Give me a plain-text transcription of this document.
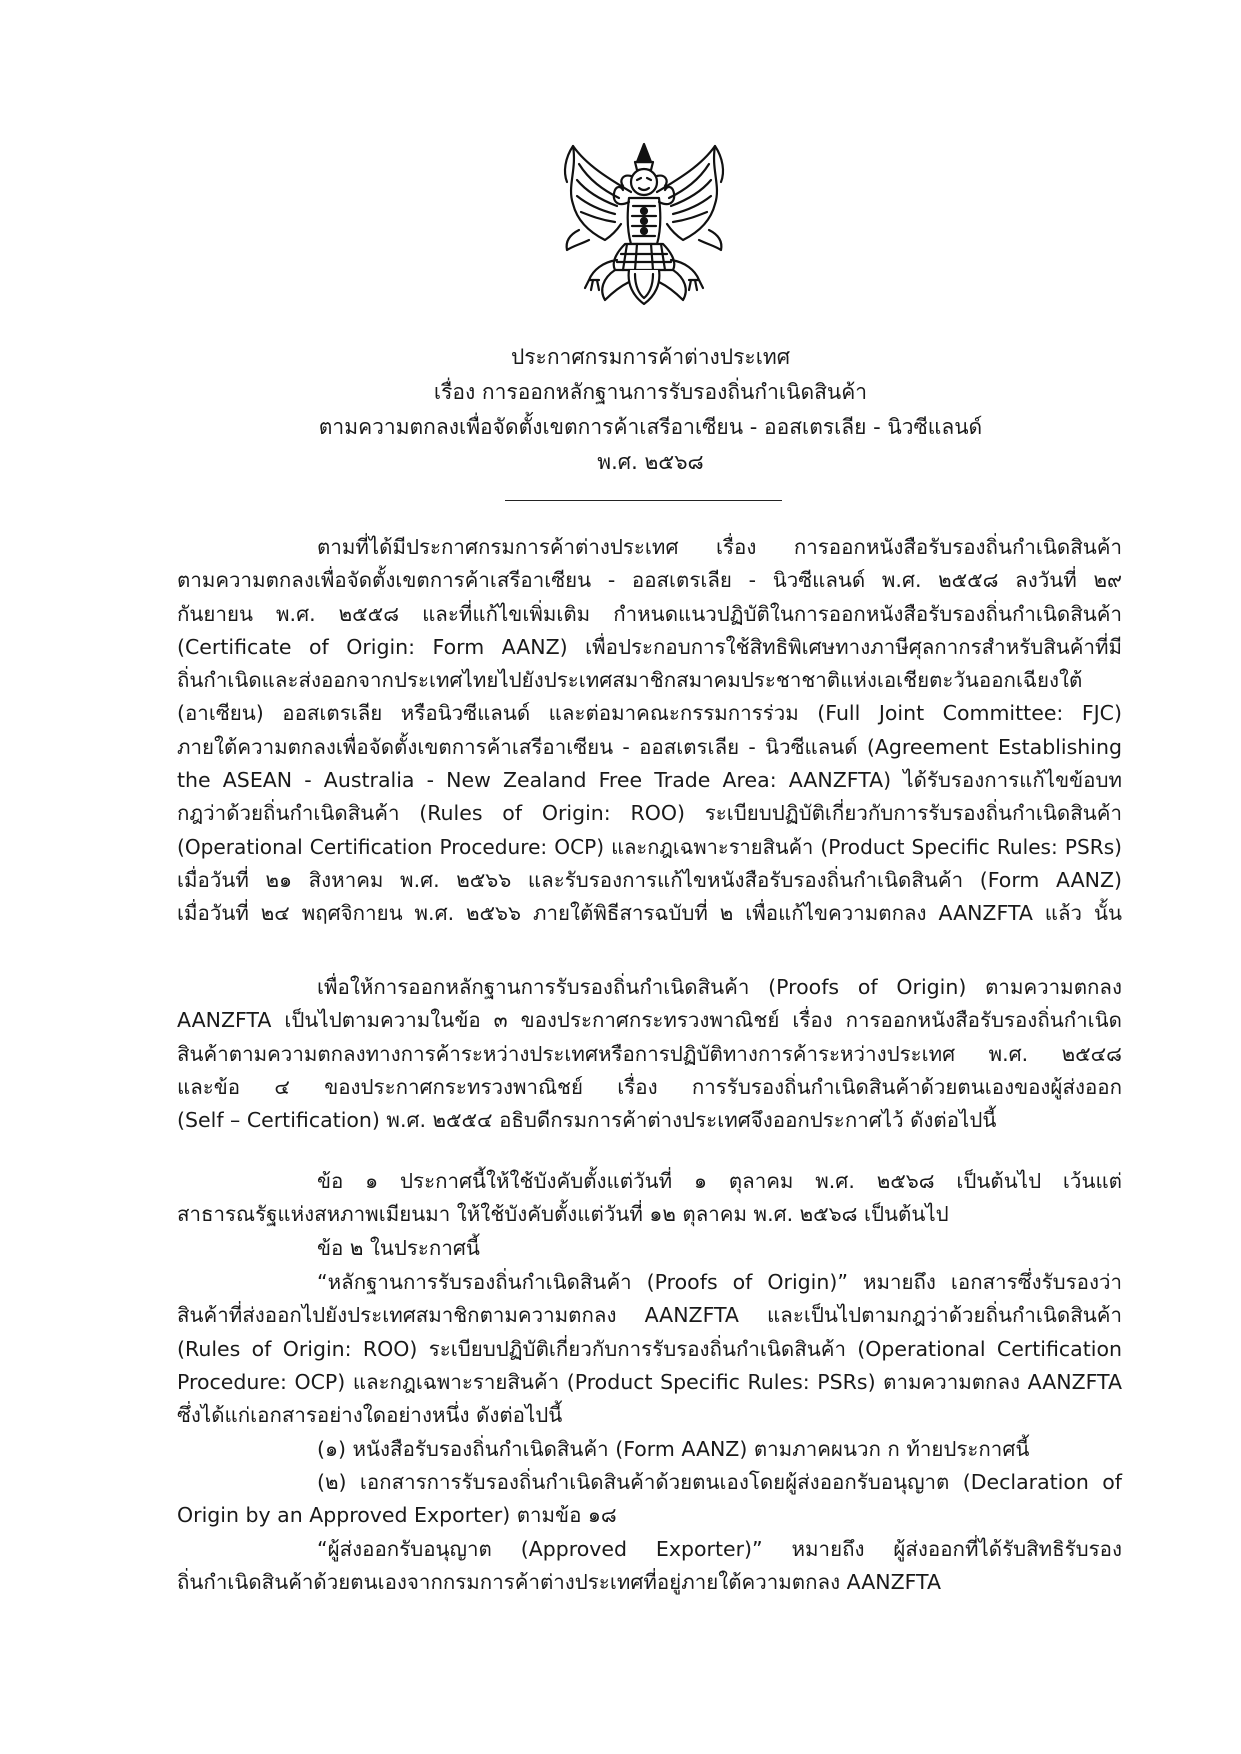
ประกาศกรมการค้าต่างประเทศ
เรื่อง การออกหลักฐานการรับรองถิ่นกำเนิดสินค้า
ตามความตกลงเพื่อจัดตั้งเขตการค้าเสรีอาเซียน - ออสเตรเลีย - นิวซีแลนด์
พ.ศ. ๒๕๖๘
ตามที่ได้มีประกาศกรมการค้าต่างประเทศ เรื่อง การออกหนังสือรับรองถิ่นกำเนิดสินค้า
ตามความตกลงเพื่อจัดตั้งเขตการค้าเสรีอาเซียน - ออสเตรเลีย - นิวซีแลนด์ พ.ศ. ๒๕๕๘ ลงวันที่ ๒๙
กันยายน พ.ศ. ๒๕๕๘ และที่แก้ไขเพิ่มเติม กำหนดแนวปฏิบัติในการออกหนังสือรับรองถิ่นกำเนิดสินค้า
(Certificate of Origin: Form AANZ) เพื่อประกอบการใช้สิทธิพิเศษทางภาษีศุลกากรสำหรับสินค้าที่มี
ถิ่นกำเนิดและส่งออกจากประเทศไทยไปยังประเทศสมาชิกสมาคมประชาชาติแห่งเอเชียตะวันออกเฉียงใต้
(อาเซียน) ออสเตรเลีย หรือนิวซีแลนด์ และต่อมาคณะกรรมการร่วม (Full Joint Committee: FJC)
ภายใต้ความตกลงเพื่อจัดตั้งเขตการค้าเสรีอาเซียน - ออสเตรเลีย - นิวซีแลนด์ (Agreement Establishing
the ASEAN - Australia - New Zealand Free Trade Area: AANZFTA) ได้รับรองการแก้ไขข้อบท
กฎว่าด้วยถิ่นกำเนิดสินค้า (Rules of Origin: ROO) ระเบียบปฏิบัติเกี่ยวกับการรับรองถิ่นกำเนิดสินค้า
(Operational Certification Procedure: OCP) และกฎเฉพาะรายสินค้า (Product Specific Rules: PSRs)
เมื่อวันที่ ๒๑ สิงหาคม พ.ศ. ๒๕๖๖ และรับรองการแก้ไขหนังสือรับรองถิ่นกำเนิดสินค้า (Form AANZ)
เมื่อวันที่ ๒๔ พฤศจิกายน พ.ศ. ๒๕๖๖ ภายใต้พิธีสารฉบับที่ ๒ เพื่อแก้ไขความตกลง AANZFTA แล้ว นั้น
เพื่อให้การออกหลักฐานการรับรองถิ่นกำเนิดสินค้า (Proofs of Origin) ตามความตกลง
AANZFTA เป็นไปตามความในข้อ ๓ ของประกาศกระทรวงพาณิชย์ เรื่อง การออกหนังสือรับรองถิ่นกำเนิด
สินค้าตามความตกลงทางการค้าระหว่างประเทศหรือการปฏิบัติทางการค้าระหว่างประเทศ พ.ศ. ๒๕๔๘
และข้อ ๔ ของประกาศกระทรวงพาณิชย์ เรื่อง การรับรองถิ่นกำเนิดสินค้าด้วยตนเองของผู้ส่งออก
(Self – Certification) พ.ศ. ๒๕๕๔ อธิบดีกรมการค้าต่างประเทศจึงออกประกาศไว้ ดังต่อไปนี้
ข้อ ๑ ประกาศนี้ให้ใช้บังคับตั้งแต่วันที่ ๑ ตุลาคม พ.ศ. ๒๕๖๘ เป็นต้นไป เว้นแต่
สาธารณรัฐแห่งสหภาพเมียนมา ให้ใช้บังคับตั้งแต่วันที่ ๑๒ ตุลาคม พ.ศ. ๒๕๖๘ เป็นต้นไป
ข้อ ๒ ในประกาศนี้
“หลักฐานการรับรองถิ่นกำเนิดสินค้า (Proofs of Origin)” หมายถึง เอกสารซึ่งรับรองว่า
สินค้าที่ส่งออกไปยังประเทศสมาชิกตามความตกลง AANZFTA และเป็นไปตามกฎว่าด้วยถิ่นกำเนิดสินค้า
(Rules of Origin: ROO) ระเบียบปฏิบัติเกี่ยวกับการรับรองถิ่นกำเนิดสินค้า (Operational Certification
Procedure: OCP) และกฎเฉพาะรายสินค้า (Product Specific Rules: PSRs) ตามความตกลง AANZFTA
ซึ่งได้แก่เอกสารอย่างใดอย่างหนึ่ง ดังต่อไปนี้
(๑) หนังสือรับรองถิ่นกำเนิดสินค้า (Form AANZ) ตามภาคผนวก ก ท้ายประกาศนี้
(๒) เอกสารการรับรองถิ่นกำเนิดสินค้าด้วยตนเองโดยผู้ส่งออกรับอนุญาต (Declaration of
Origin by an Approved Exporter) ตามข้อ ๑๘
“ผู้ส่งออกรับอนุญาต (Approved Exporter)” หมายถึง ผู้ส่งออกที่ได้รับสิทธิรับรอง
ถิ่นกำเนิดสินค้าด้วยตนเองจากกรมการค้าต่างประเทศที่อยู่ภายใต้ความตกลง AANZFTA
